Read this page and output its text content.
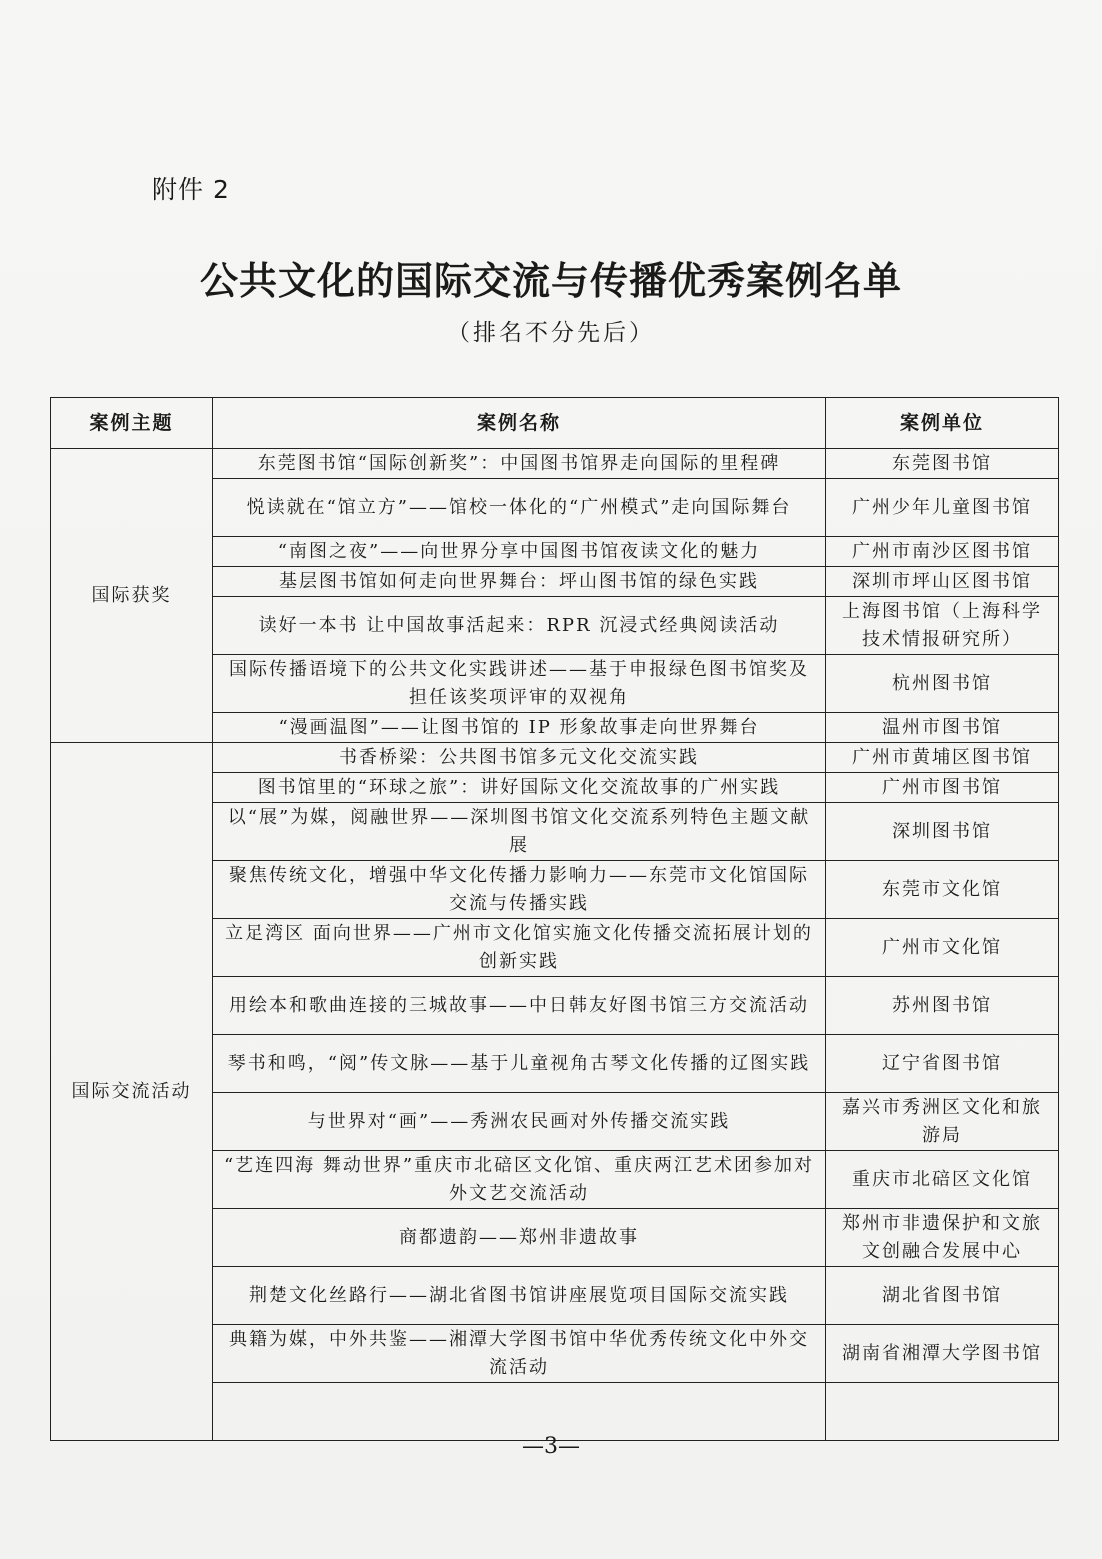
附件 2
公共文化的国际交流与传播优秀案例名单
（排名不分先后）
案例主题	案例名称	案例单位
国际获奖	东莞图书馆“国际创新奖”：中国图书馆界走向国际的里程碑	东莞图书馆
	悦读就在“馆立方”——馆校一体化的“广州模式”走向国际舞台	广州少年儿童图书馆
	“南图之夜”——向世界分享中国图书馆夜读文化的魅力	广州市南沙区图书馆
	基层图书馆如何走向世界舞台：坪山图书馆的绿色实践	深圳市坪山区图书馆
	读好一本书 让中国故事活起来：RPR 沉浸式经典阅读活动	上海图书馆（上海科学技术情报研究所）
	国际传播语境下的公共文化实践讲述——基于申报绿色图书馆奖及担任该奖项评审的双视角	杭州图书馆
	“漫画温图”——让图书馆的 IP 形象故事走向世界舞台	温州市图书馆
国际交流活动	书香桥梁：公共图书馆多元文化交流实践	广州市黄埔区图书馆
	图书馆里的“环球之旅”：讲好国际文化交流故事的广州实践	广州市图书馆
	以“展”为媒，阅融世界——深圳图书馆文化交流系列特色主题文献展	深圳图书馆
	聚焦传统文化，增强中华文化传播力影响力——东莞市文化馆国际交流与传播实践	东莞市文化馆
	立足湾区 面向世界——广州市文化馆实施文化传播交流拓展计划的创新实践	广州市文化馆
	用绘本和歌曲连接的三城故事——中日韩友好图书馆三方交流活动	苏州图书馆
	琴书和鸣，“阅”传文脉——基于儿童视角古琴文化传播的辽图实践	辽宁省图书馆
	与世界对“画”——秀洲农民画对外传播交流实践	嘉兴市秀洲区文化和旅游局
	“艺连四海 舞动世界”重庆市北碚区文化馆、重庆两江艺术团参加对外文艺交流活动	重庆市北碚区文化馆
	商都遗韵——郑州非遗故事	郑州市非遗保护和文旅文创融合发展中心
	荆楚文化丝路行——湖北省图书馆讲座展览项目国际交流实践	湖北省图书馆
	典籍为媒，中外共鉴——湘潭大学图书馆中华优秀传统文化中外交流活动	湖南省湘潭大学图书馆

—3—
